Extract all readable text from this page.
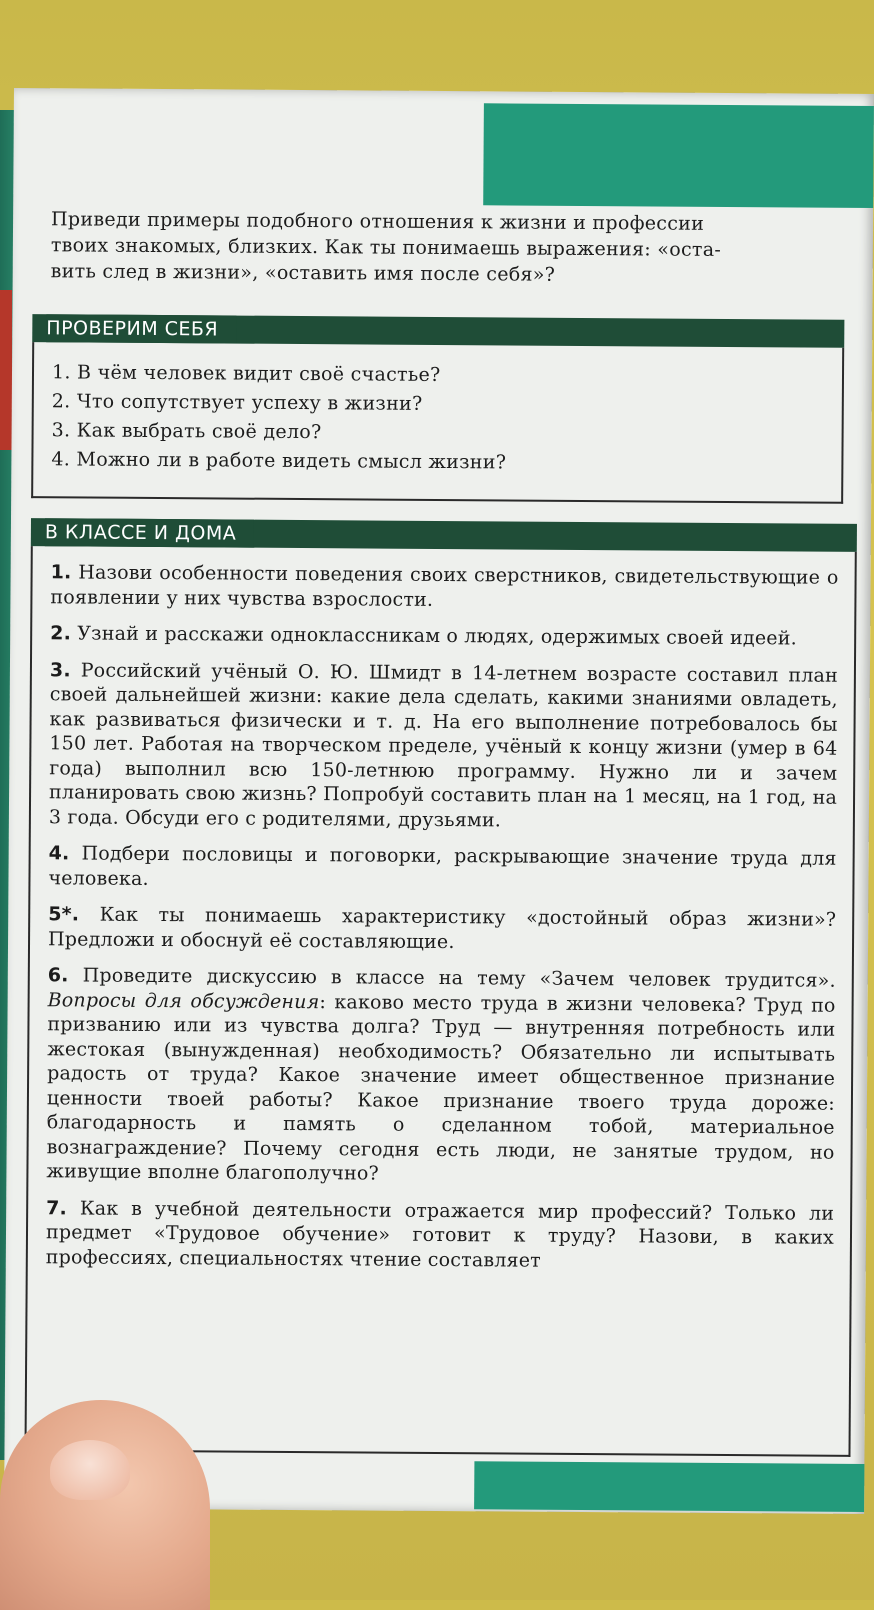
Приведи примеры подобного отношения к жизни и профессии

твоих знакомых, близких. Как ты понимаешь выражения: «оста-

вить след в жизни», «оставить имя после себя»?

ПРОВЕРИМ СЕБЯ
1. В чём человек видит своё счастье?
2. Что сопутствует успеху в жизни?
3. Как выбрать своё дело?
4. Можно ли в работе видеть смысл жизни?
В КЛАССЕ И ДОМА

1. Назови особенности поведения своих сверстников, свидетельствующие о появлении у них чувства взрослости.

2. Узнай и расскажи одноклассникам о людях, одержимых своей идеей.

3. Российский учёный О. Ю. Шмидт в 14-летнем возрасте составил план своей дальнейшей жизни: какие дела сделать, какими знаниями овладеть, как развиваться физически и т. д. На его выполнение потребовалось бы 150 лет. Работая на творческом пределе, учёный к концу жизни (умер в 64 года) выполнил всю 150-летнюю программу. Нужно ли и зачем планировать свою жизнь? Попробуй составить план на 1 месяц, на 1 год, на 3 года. Обсуди его с родителями, друзьями.

4. Подбери пословицы и поговорки, раскрывающие значение труда для человека.

5*. Как ты понимаешь характеристику «достойный образ жизни»? Предложи и обоснуй её составляющие.

6. Проведите дискуссию в классе на тему «Зачем человек трудится». Вопросы для обсуждения: каково место труда в жизни человека? Труд по призванию или из чувства долга? Труд — внутренняя потребность или жестокая (вынужденная) необходимость? Обязательно ли испытывать радость от труда? Какое значение имеет общественное признание ценности твоей работы? Какое признание твоего труда дороже: благодарность и память о сделанном тобой, материальное вознаграждение? Почему сегодня есть люди, не занятые трудом, но живущие вполне благополучно?

7. Как в учебной деятельности отражается мир профессий? Только ли предмет «Трудовое обучение» готовит к труду? Назови, в каких профессиях, специальностях чтение составляет
